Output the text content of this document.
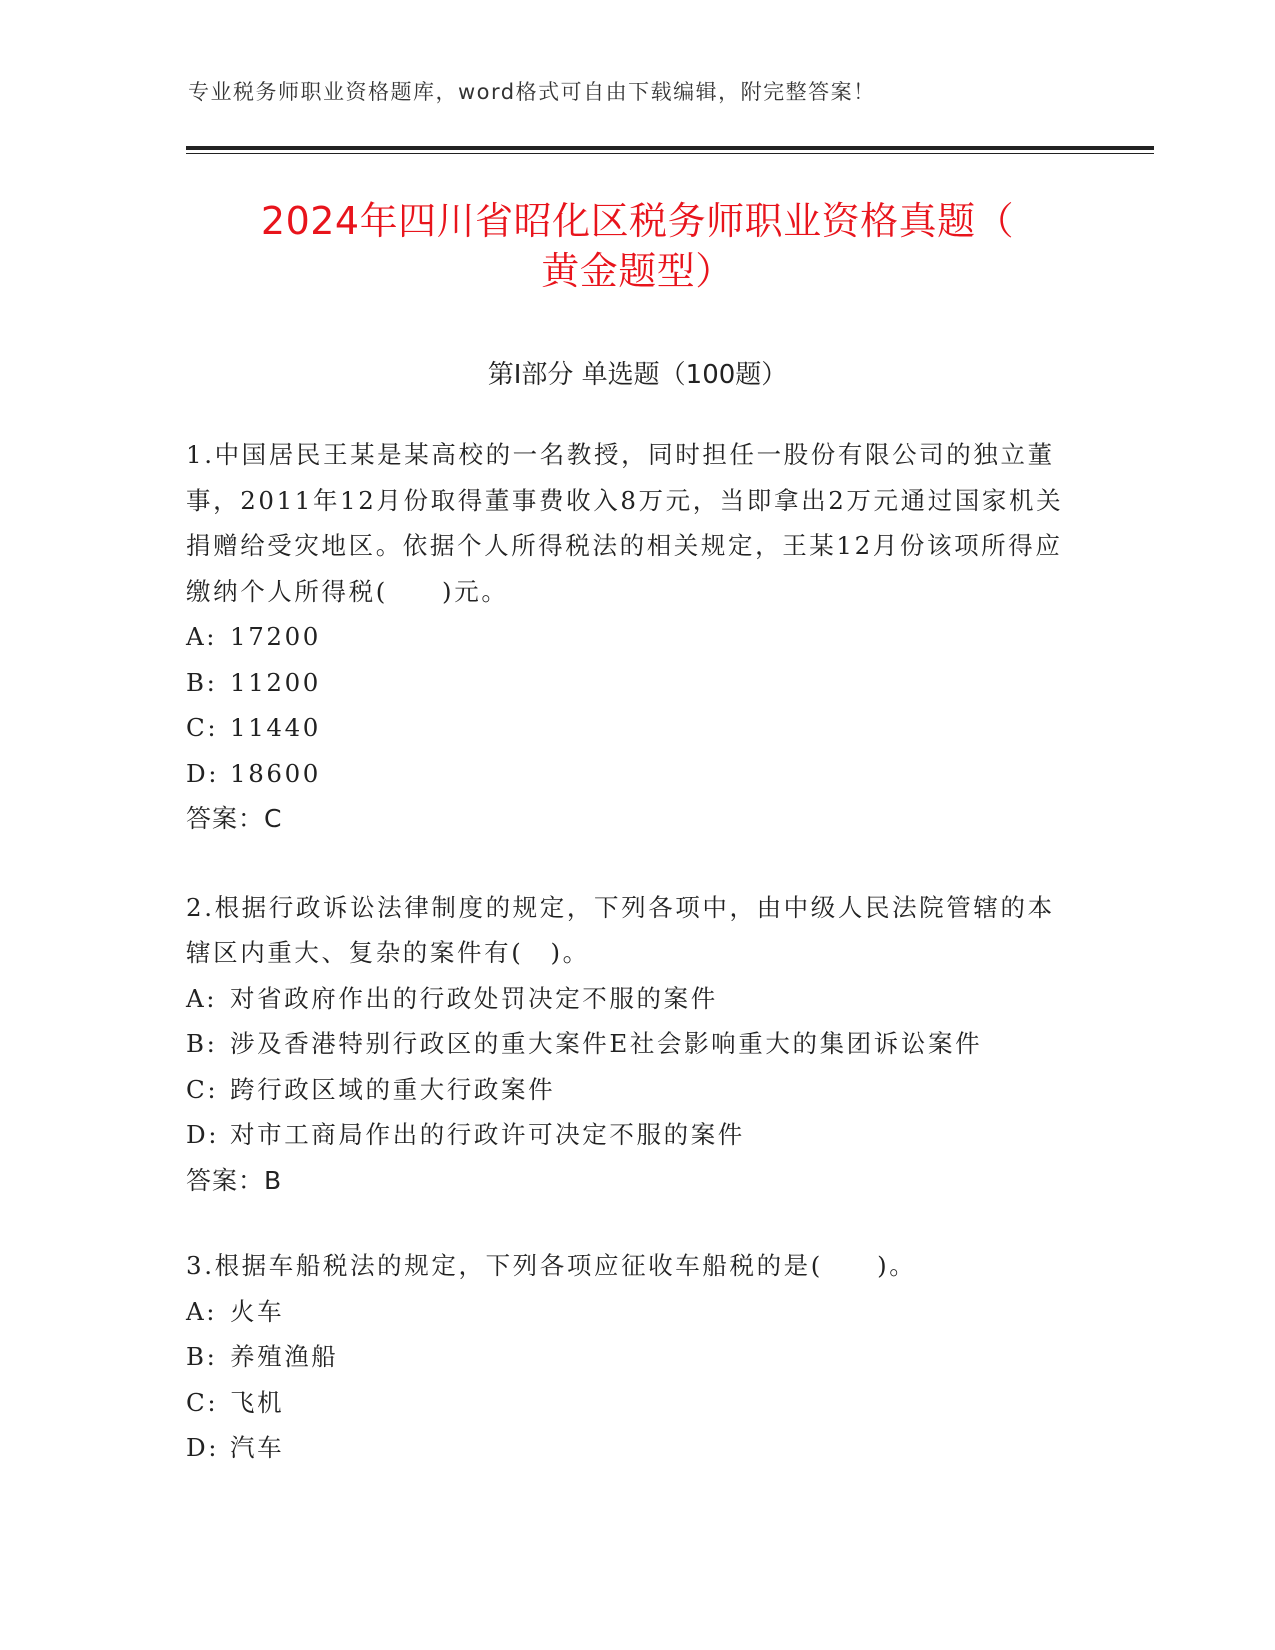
专业税务师职业资格题库，word格式可自由下载编辑，附完整答案！
2024年四川省昭化区税务师职业资格真题（
黄金题型）
第Ⅰ部分 单选题（100题）

1.中国居民王某是某高校的一名教授，同时担任一股份有限公司的独立董事，2011年12月份取得董事费收入8万元，当即拿出2万元通过国家机关捐赠给受灾地区。依据个人所得税法的相关规定，王某12月份该项所得应缴纳个人所得税(　　)元。

A: 17200

B: 11200

C: 11440

D: 18600

答案：C

2.根据行政诉讼法律制度的规定，下列各项中，由中级人民法院管辖的本辖区内重大、复杂的案件有(　)。

A: 对省政府作出的行政处罚决定不服的案件

B: 涉及香港特别行政区的重大案件E社会影响重大的集团诉讼案件

C: 跨行政区域的重大行政案件

D: 对市工商局作出的行政许可决定不服的案件

答案：B

3.根据车船税法的规定，下列各项应征收车船税的是(　　)。

A: 火车

B: 养殖渔船

C: 飞机

D: 汽车
